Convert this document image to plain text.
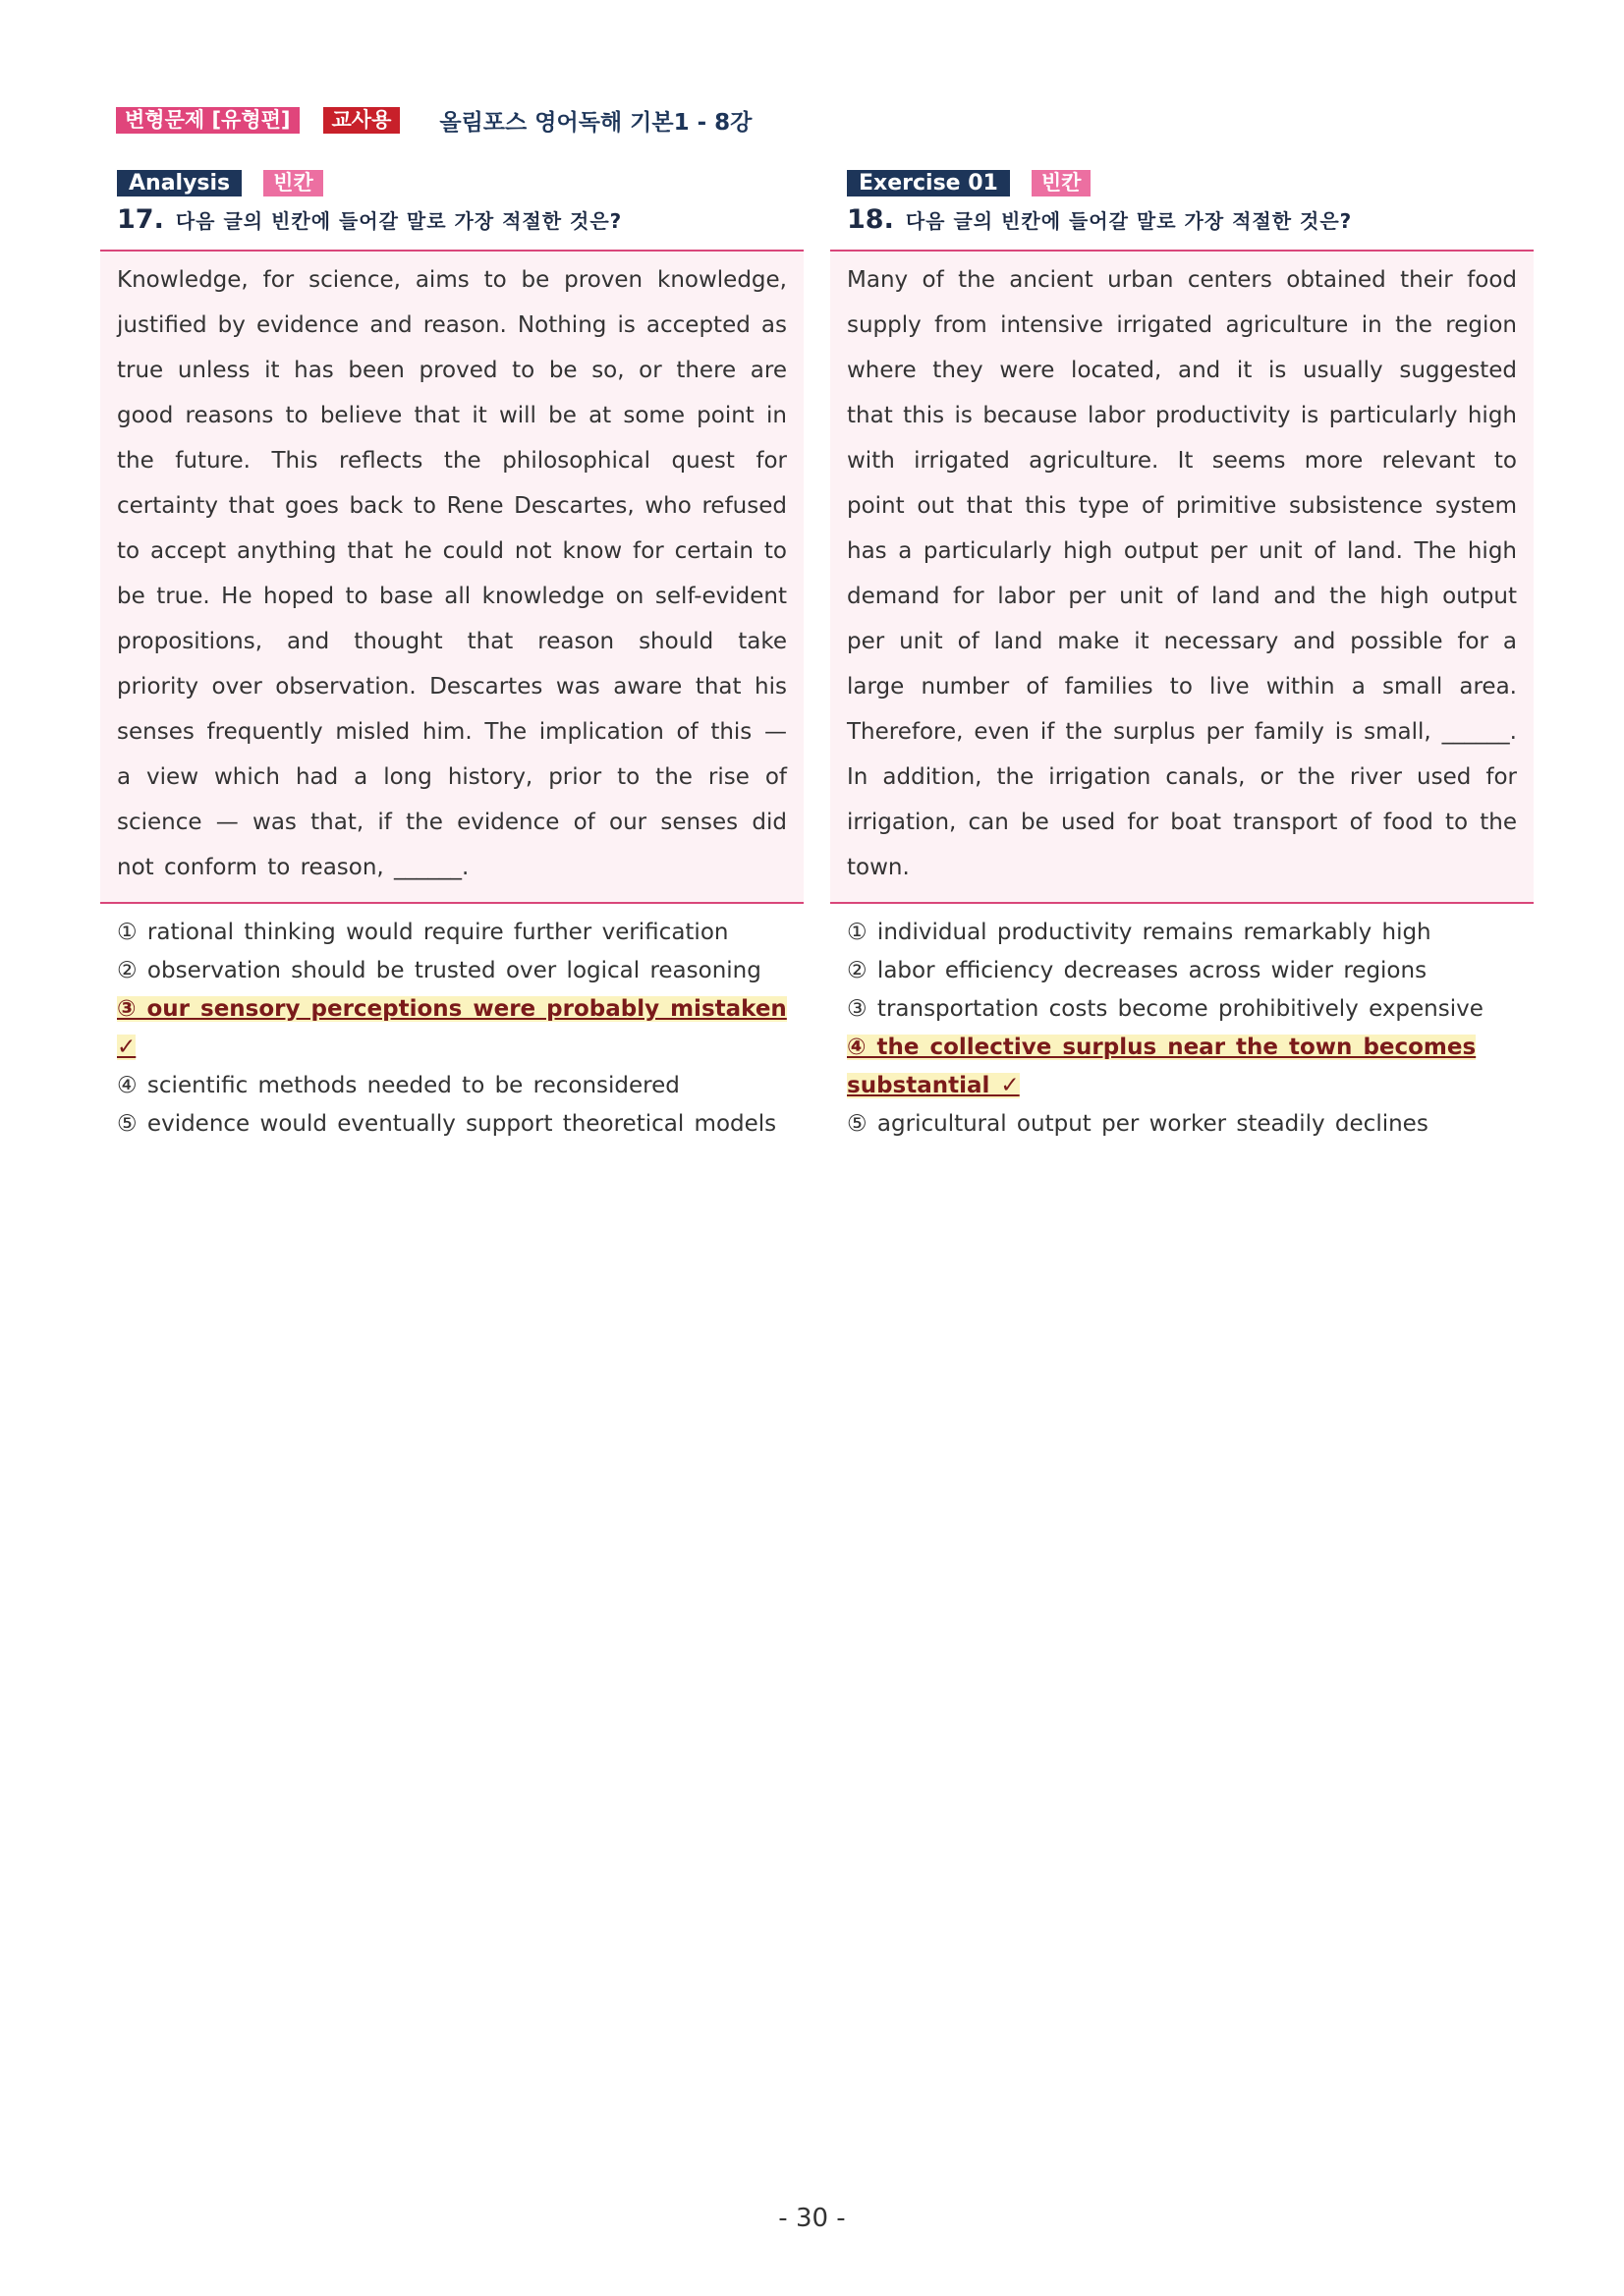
변형문제 [유형편]	교사용	올림포스 영어독해 기본1 - 8강
Analysis	빈칸
17. 다음 글의 빈칸에 들어갈 말로 가장 적절한 것은?

Knowledge, for science, aims to be proven knowledge, justified by evidence and reason. Nothing is accepted as true unless it has been proved to be so, or there are good reasons to believe that it will be at some point in the future. This reflects the philosophical quest for certainty that goes back to Rene Descartes, who refused to accept anything that he could not know for certain to be true. He hoped to base all knowledge on self-evident propositions, and thought that reason should take priority over observation. Descartes was aware that his senses frequently misled him. The implication of this — a view which had a long history, prior to the rise of science — was that, if the evidence of our senses did not conform to reason, ______.

① rational thinking would require further verification
② observation should be trusted over logical reasoning
③ our sensory perceptions were probably mistaken ✓
④ scientific methods needed to be reconsidered
⑤ evidence would eventually support theoretical models
Exercise 01	빈칸
18. 다음 글의 빈칸에 들어갈 말로 가장 적절한 것은?

Many of the ancient urban centers obtained their food supply from intensive irrigated agriculture in the region where they were located, and it is usually suggested that this is because labor productivity is particularly high with irrigated agriculture. It seems more relevant to point out that this type of primitive subsistence system has a particularly high output per unit of land. The high demand for labor per unit of land and the high output per unit of land make it necessary and possible for a large number of families to live within a small area. Therefore, even if the surplus per family is small, ______. In addition, the irrigation canals, or the river used for irrigation, can be used for boat transport of food to the town.

① individual productivity remains remarkably high
② labor efficiency decreases across wider regions
③ transportation costs become prohibitively expensive
④ the collective surplus near the town becomes substantial ✓
⑤ agricultural output per worker steadily declines
- 30 -
